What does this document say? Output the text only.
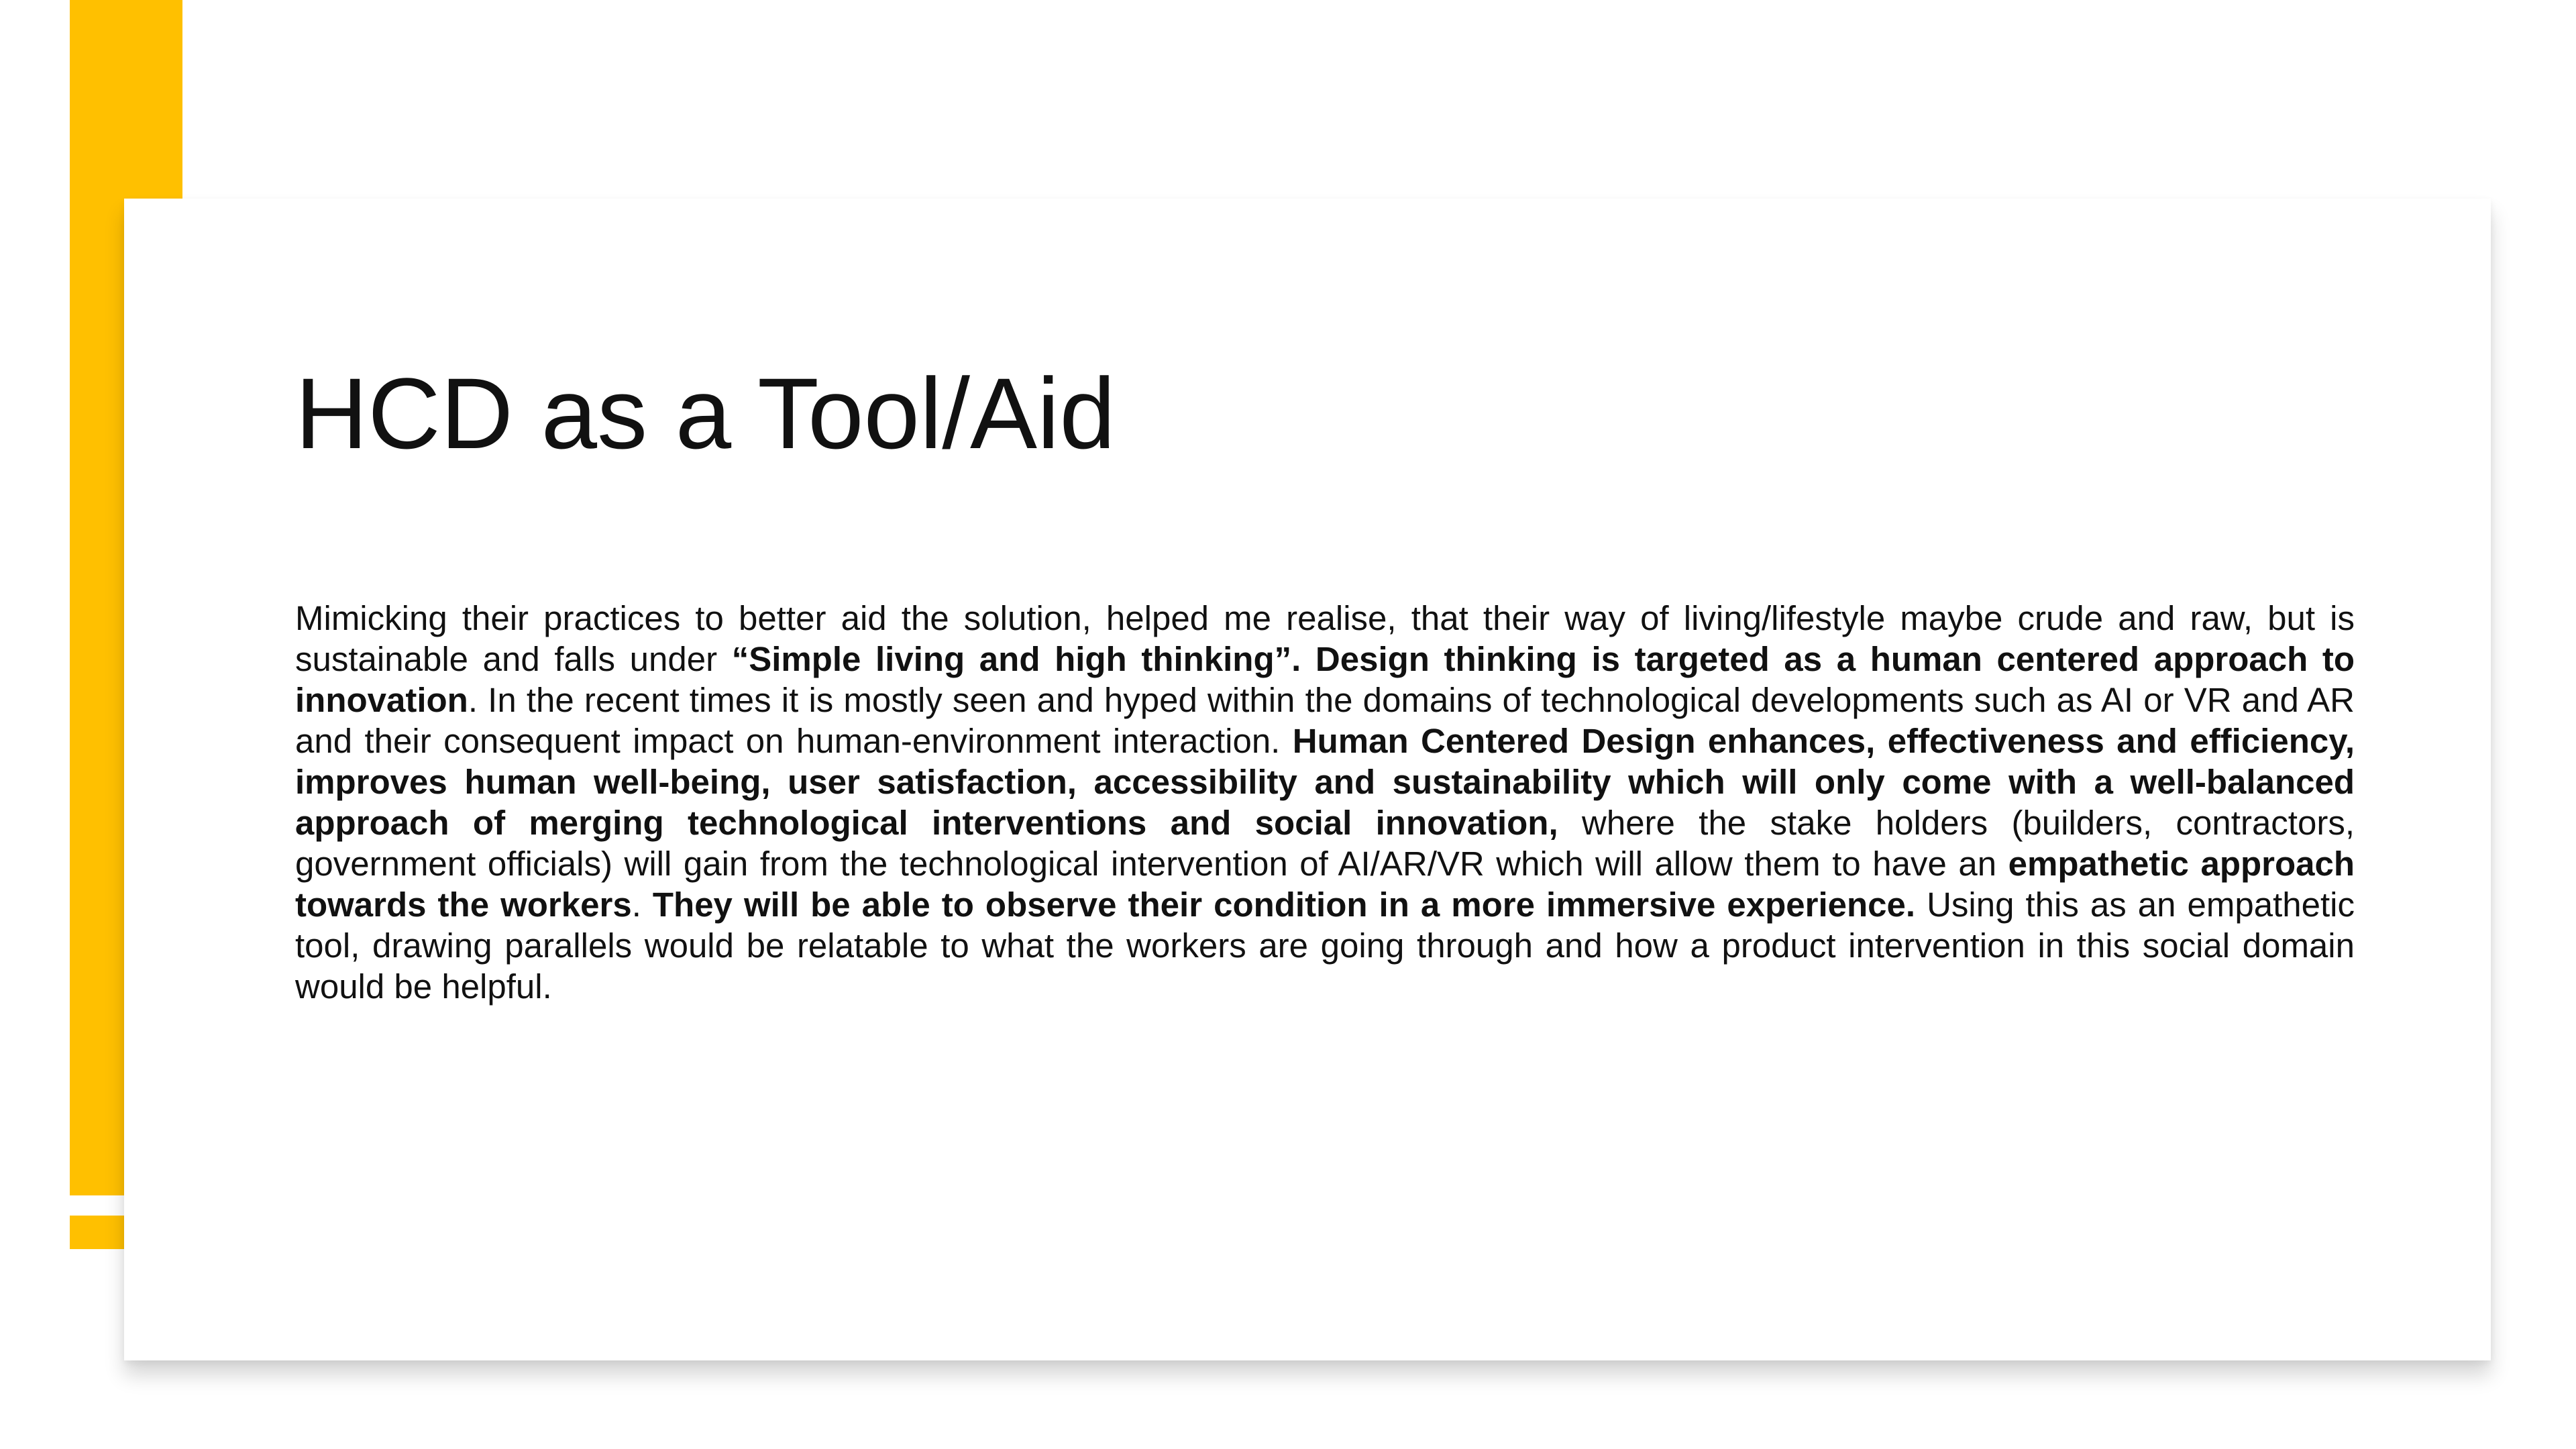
HCD as a Tool/Aid

Mimicking their practices to better aid the solution, helped me realise, that their way of living/lifestyle maybe crude and raw, but is sustainable and falls under “Simple living and high thinking”. Design thinking is targeted as a human centered approach to innovation. In the recent times it is mostly seen and hyped within the domains of technological developments such as AI or VR and AR and their consequent impact on human-environment interaction. Human Centered Design enhances, effectiveness and efficiency, improves human well-being, user satisfaction, accessibility and sustainability which will only come with a well-balanced approach of merging technological interventions and social innovation, where the stake holders (builders, contractors, government officials) will gain from the technological intervention of AI/AR/VR which will allow them to have an empathetic approach towards the workers. They will be able to observe their condition in a more immersive experience. Using this as an empathetic tool, drawing parallels would be relatable to what the workers are going through and how a product intervention in this social domain would be helpful.
